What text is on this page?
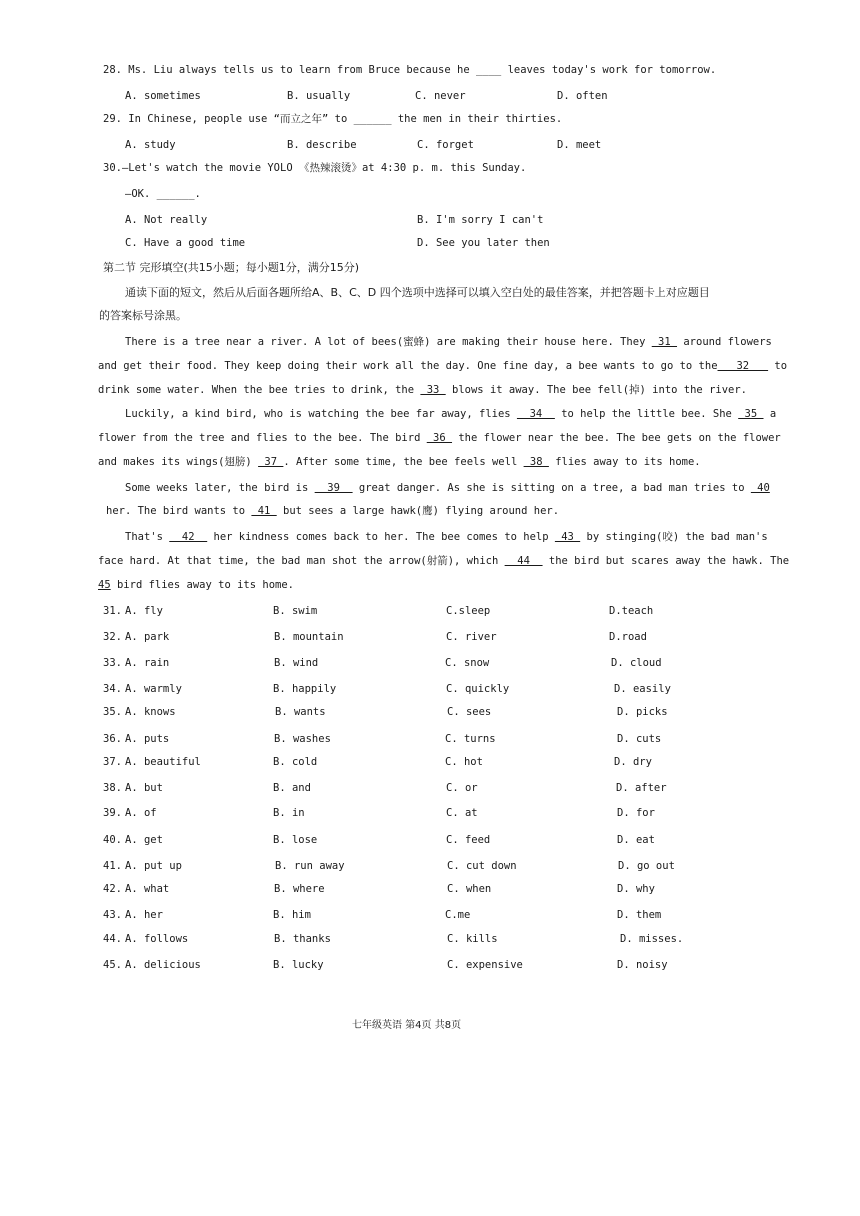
28. Ms. Liu always tells us to learn from Bruce because he ____ leaves today's work for tomorrow.
A. sometimes	B. usually	C. never	D. often
29. In Chinese, people use “而立之年” to ______ the men in their thirties.
A. study	B. describe	C. forget	D. meet
30.—Let's watch the movie YOLO 《热辣滚烫》at 4:30 p. m. this Sunday.
—OK. ______.
A. Not really	B. I'm sorry I can't
C. Have a good time	D. See you later then
第二节 完形填空(共15小题；每小题1分，满分15分)
通读下面的短文，然后从后面各题所给A、B、C、D 四个选项中选择可以填入空白处的最佳答案，并把答题卡上对应题目
的答案标号涂黑。
There is a tree near a river. A lot of bees(蜜蜂) are making their house here. They  31  around flowers
and get their food. They keep doing their work all the day. One fine day, a bee wants to go to the   32    to
drink some water. When the bee tries to drink, the  33  blows it away. The bee fell(掉) into the river.
Luckily, a kind bird, who is watching the bee far away, flies   34   to help the little bee. She  35  a
flower from the tree and flies to the bee. The bird  36  the flower near the bee. The bee gets on the flower
and makes its wings(翅膀)  37 . After some time, the bee feels well  38  flies away to its home.
Some weeks later, the bird is   39   great danger. As she is sitting on a tree, a bad man tries to  40
her. The bird wants to  41  but sees a large hawk(鹰) flying around her.
That's   42   her kindness comes back to her. The bee comes to help  43  by stinging(咬) the bad man's
face hard. At that time, the bad man shot the arrow(射箭), which   44   the bird but scares away the hawk. The
45 bird flies away to its home.
31. A. fly	B. swim	C.sleep	D.teach
32. A. park	B. mountain	C. river	D.road
33. A. rain	B. wind	C. snow	D. cloud
34. A. warmly	B. happily	C. quickly	D. easily
35. A. knows	B. wants	C. sees	D. picks
36. A. puts	B. washes	C. turns	D. cuts
37. A. beautiful	B. cold	C. hot	D. dry
38. A. but	B. and	C. or	D. after
39. A. of	B. in	C. at	D. for
40. A. get	B. lose	C. feed	D. eat
41. A. put up	B. run away	C. cut down	D. go out
42. A. what	B. where	C. when	D. why
43. A. her	B. him	C.me	D. them
44. A. follows	B. thanks	C. kills	D. misses.
45. A. delicious	B. lucky	C. expensive	D. noisy
七年级英语 第4页 共8页
